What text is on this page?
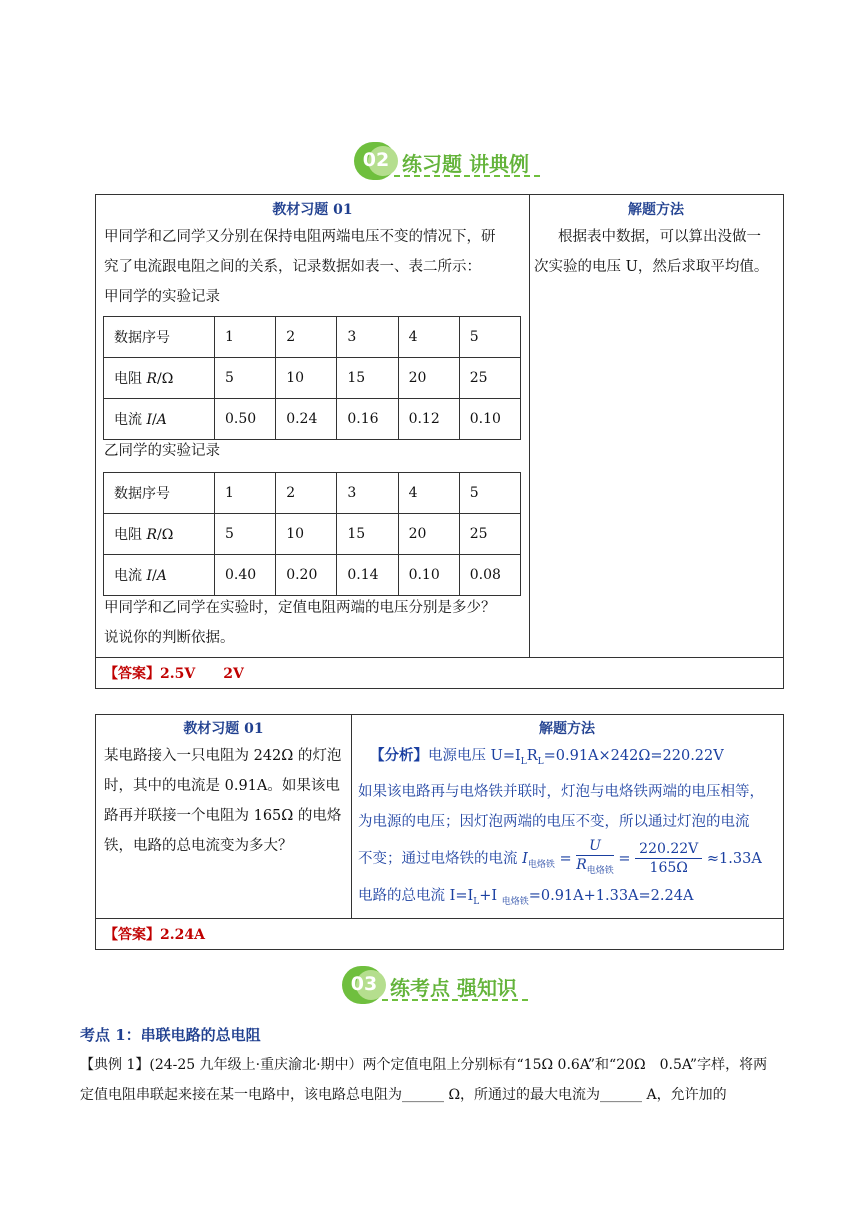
02 练习题 讲典例
教材习题 01	解题方法
甲同学和乙同学又分别在保持电阻两端电压不变的情况下，研
究了电流跟电阻之间的关系，记录数据如表一、表二所示：
甲同学的实验记录
数据序号	1	2	3	4	5
电阻 R/Ω	5	10	15	20	25
电流 I/A	0.50	0.24	0.16	0.12	0.10
乙同学的实验记录
数据序号	1	2	3	4	5
电阻 R/Ω	5	10	15	20	25
电流 I/A	0.40	0.20	0.14	0.10	0.08
甲同学和乙同学在实验时，定值电阻两端的电压分别是多少？
说说你的判断依据。
根据表中数据，可以算出没做一
次实验的电压 U，然后求取平均值。
【答案】2.5V　　2V
教材习题 01	解题方法
某电路接入一只电阻为 242Ω 的灯泡
时，其中的电流是 0.91A。如果该电
路再并联接一个电阻为 165Ω 的电烙
铁，电路的总电流变为多大？
【分析】电源电压 $U=I_LR_L=0.91A\times 242\Omega=220.22V$
如果该电路再与电烙铁并联时，灯泡与电烙铁两端的电压相等，
为电源的电压；因灯泡两端的电压不变，所以通过灯泡的电流
不变；通过电烙铁的电流 $I_{电烙铁} = \frac{U}{R_{电烙铁}} = \frac{220.22V}{165\Omega} \approx 1.33A$
电路的总电流 $I=I_L+I$ $_{电烙铁}$=0.91A+1.33A=2.24A
【答案】2.24A
03 练考点 强知识
考点 1：串联电路的总电阻
【典例 1】(24-25 九年级上·重庆渝北·期中）两个定值电阻上分别标有“15Ω 0.6A”和“20Ω　0.5A”字样，将两
定值电阻串联起来接在某一电路中，该电路总电阻为______ Ω，所通过的最大电流为______ A，允许加的
